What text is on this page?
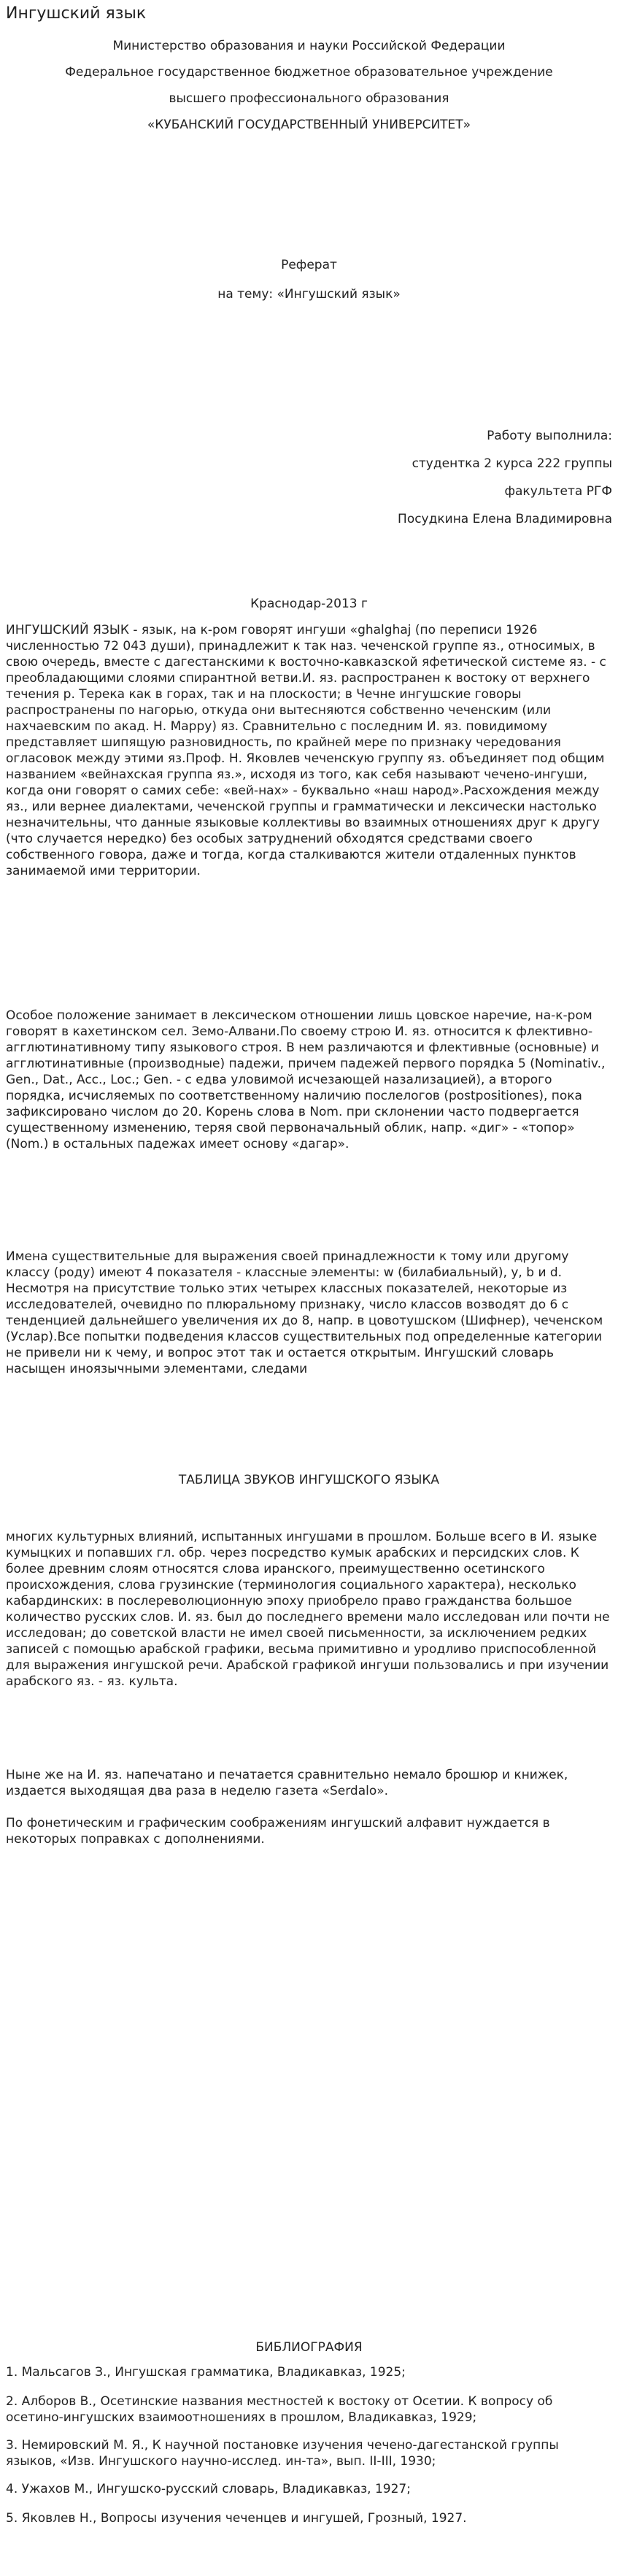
Ингушский язык
Министерство образования и науки Российской Федерации
Федеральное государственное бюджетное образовательное учреждение
высшего профессионального образования
«КУБАНСКИЙ ГОСУДАРСТВЕННЫЙ УНИВЕРСИТЕТ»
Реферат
на тему: «Ингушский язык»
Работу выполнила:
студентка 2 курса 222 группы
факультета РГФ
Посудкина Елена Владимировна
Краснодар-2013 г

ИНГУШСКИЙ ЯЗЫК - язык, на к-ром говорят ингуши «ghalghaj (по переписи 1926 численностью 72 043 души), принадлежит к так наз. чеченской группе яз., относимых, в свою очередь, вместе с дагестанскими к восточно-кавказской яфетической системе яз. - с преобладающими слоями спирантной ветви.И. яз. распространен к востоку от верхнего течения р. Терека как в горах, так и на плоскости; в Чечне ингушские говоры распространены по нагорью, откуда они вытесняются собственно чеченским (или нахчаевским по акад. Н. Марру) яз. Сравнительно с последним И. яз. повидимому представляет шипящую разновидность, по крайней мере по признаку чередования огласовок между этими яз.Проф. Н. Яковлев чеченскую группу яз. объединяет под общим названием «вейнахская группа яз.», исходя из того, как себя называют чечено-ингуши, когда они говорят о самих себе: «вей-нах» - буквально «наш народ».Расхождения между яз., или вернее диалектами, чеченской группы и грамматически и лексически настолько незначительны, что данные языковые коллективы во взаимных отношениях друг к другу (что случается нередко) без особых затруднений обходятся средствами своего собственного говора, даже и тогда, когда сталкиваются жители отдаленных пунктов занимаемой ими территории.

Особое положение занимает в лексическом отношении лишь цовское наречие, на-к-ром говорят в кахетинском сел. Земо-Алвани.По своему строю И. яз. относится к флективно-агглютинативному типу языкового строя. В нем различаются и флективные (основные) и агглютинативные (производные) падежи, причем падежей первого порядка 5 (Nominativ., Gen., Dat., Acc., Loc.; Gen. - с едва уловимой исчезающей назализацией), а второго порядка, исчисляемых по соответственному наличию послелогов (postpositiones), пока зафиксировано числом до 20. Корень слова в Nom. при склонении часто подвергается существенному изменению, теряя свой первоначальный облик, напр. «диг» - «топор» (Nom.) в остальных падежах имеет основу «дагар».

Имена существительные для выражения своей принадлежности к тому или другому классу (роду) имеют 4 показателя - классные элементы: w (билабиальный), y, b и d. Несмотря на присутствие только этих четырех классных показателей, некоторые из исследователей, очевидно по плюральному признаку, число классов возводят до 6 с тенденцией дальнейшего увеличения их до 8, напр. в цовотушском (Шифнер), чеченском (Услар).Все попытки подведения классов существительных под определенные категории не привели ни к чему, и вопрос этот так и остается открытым. Ингушский словарь насыщен иноязычными элементами, следами

ТАБЛИЦА ЗВУКОВ ИНГУШСКОГО ЯЗЫКА

многих культурных влияний, испытанных ингушами в прошлом. Больше всего в И. языке кумыцких и попавших гл. обр. через посредство кумык арабских и персидских слов. К более древним слоям относятся слова иранского, преимущественно осетинского происхождения, слова грузинские (терминология социального характера), несколько кабардинских: в послереволюционную эпоху приобрело право гражданства большое количество русских слов. И. яз. был до последнего времени мало исследован или почти не исследован; до советской власти не имел своей письменности, за исключением редких записей с помощью арабской графики, весьма примитивно и уродливо приспособленной для выражения ингушской речи. Арабской графикой ингуши пользовались и при изучении арабского яз. - яз. культа.

Ныне же на И. яз. напечатано и печатается сравнительно немало брошюр и книжек, издается выходящая два раза в неделю газета «Serdalo».

По фонетическим и графическим соображениям ингушский алфавит нуждается в некоторых поправках с дополнениями.

БИБЛИОГРАФИЯ

1. Мальсагов З., Ингушская грамматика, Владикавказ, 1925;

2. Алборов В., Осетинские названия местностей к востоку от Осетии. К вопросу об осетино-ингушских взаимоотношениях в прошлом, Владикавказ, 1929;

3. Немировский М. Я., К научной постановке изучения чечено-дагестанской группы языков, «Изв. Ингушского научно-исслед. ин-та», вып. II-III, 1930;

4. Ужахов М., Ингушско-русский словарь, Владикавказ, 1927;

5. Яковлев Н., Вопросы изучения чеченцев и ингушей, Грозный, 1927.
